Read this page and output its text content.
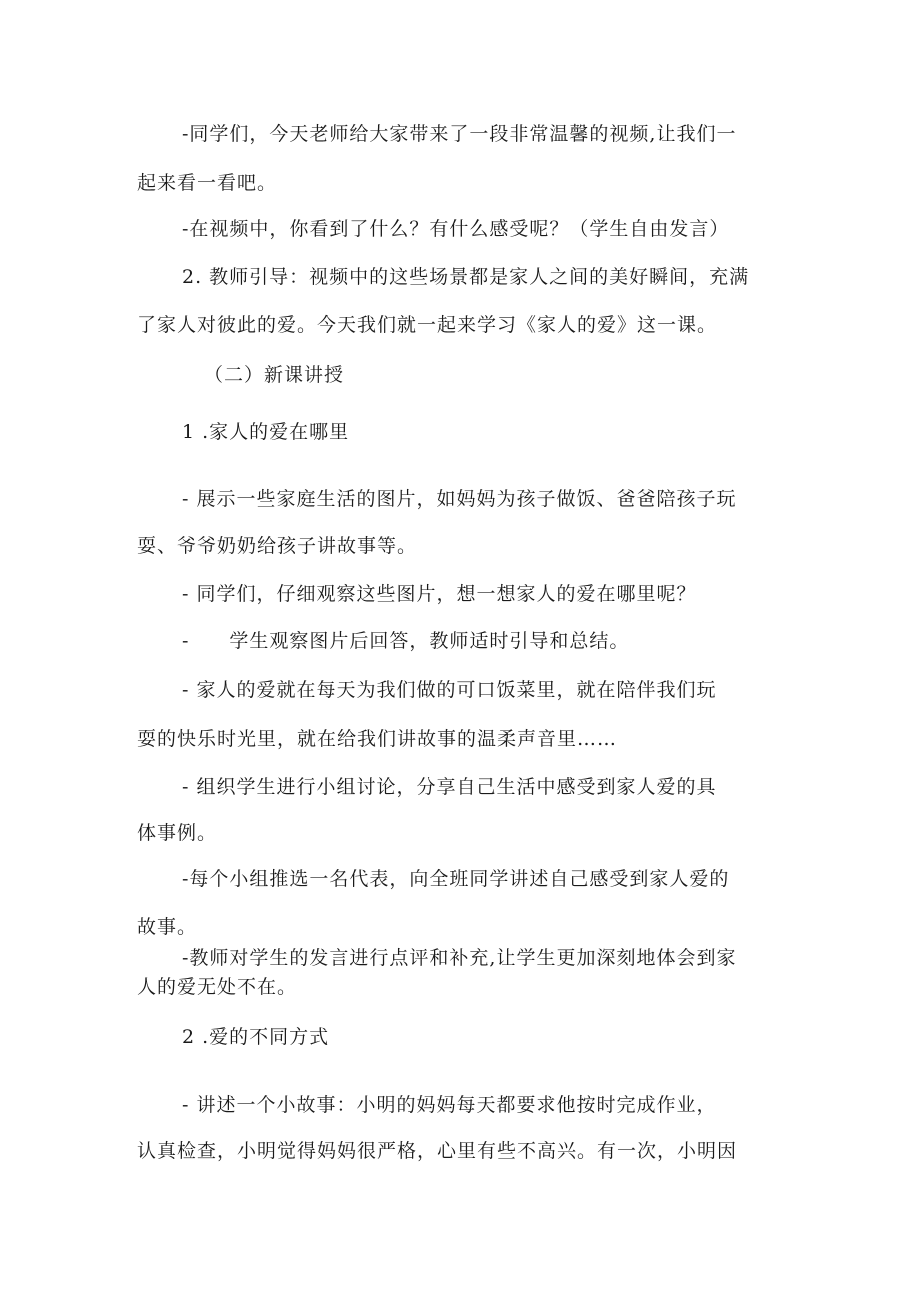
-同学们，今天老师给大家带来了一段非常温馨的视频,让我们一

起来看一看吧。

-在视频中，你看到了什么？有什么感受呢？（学生自由发言）

2. 教师引导：视频中的这些场景都是家人之间的美好瞬间，充满

了家人对彼此的爱。今天我们就一起来学习《家人的爱》这一课。

（二）新课讲授

1 .家人的爱在哪里

- 展示一些家庭生活的图片，如妈妈为孩子做饭、爸爸陪孩子玩

耍、爷爷奶奶给孩子讲故事等。

- 同学们，仔细观察这些图片，想一想家人的爱在哪里呢？

-　　学生观察图片后回答，教师适时引导和总结。

- 家人的爱就在每天为我们做的可口饭菜里，就在陪伴我们玩

耍的快乐时光里，就在给我们讲故事的温柔声音里……

- 组织学生进行小组讨论，分享自己生活中感受到家人爱的具

体事例。

-每个小组推选一名代表，向全班同学讲述自己感受到家人爱的

故事。

-教师对学生的发言进行点评和补充,让学生更加深刻地体会到家

人的爱无处不在。

2 .爱的不同方式

- 讲述一个小故事：小明的妈妈每天都要求他按时完成作业，

认真检查，小明觉得妈妈很严格，心里有些不高兴。有一次，小明因
